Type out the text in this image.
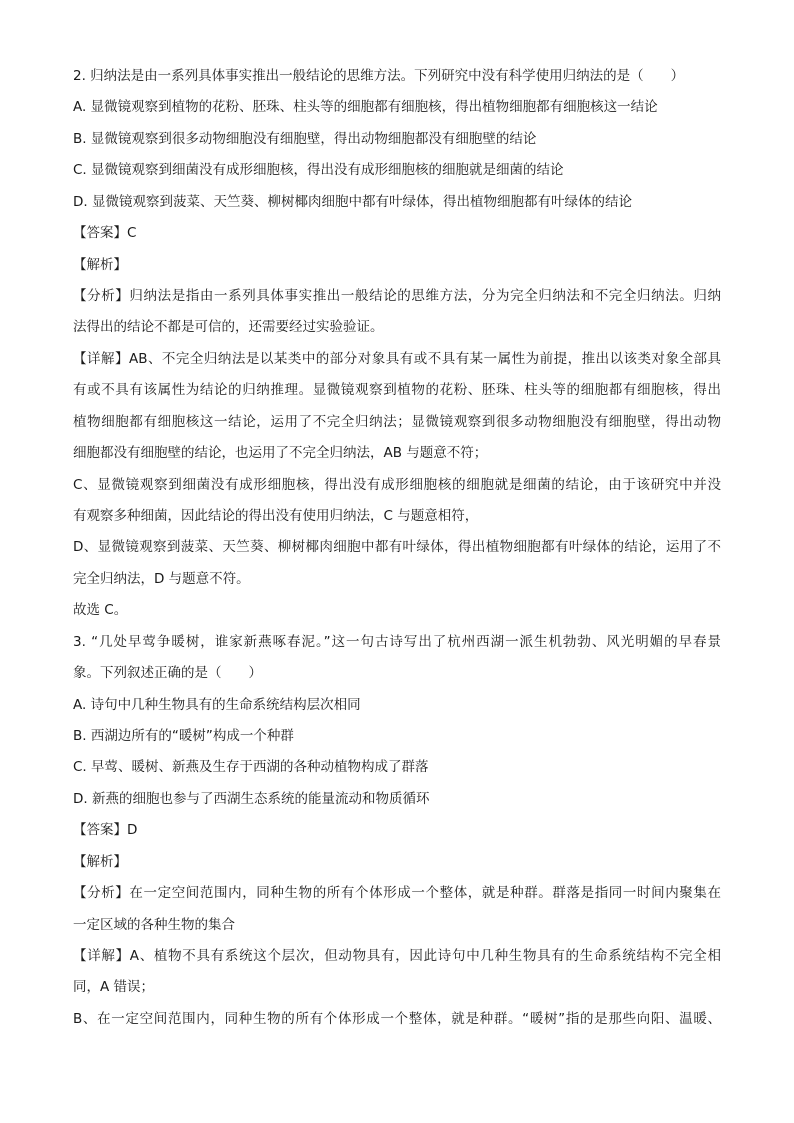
2. 归纳法是由一系列具体事实推出一般结论的思维方法。下列研究中没有科学使用归纳法的是（　　）
A. 显微镜观察到植物的花粉、胚珠、柱头等的细胞都有细胞核，得出植物细胞都有细胞核这一结论
B. 显微镜观察到很多动物细胞没有细胞壁，得出动物细胞都没有细胞壁的结论
C. 显微镜观察到细菌没有成形细胞核，得出没有成形细胞核的细胞就是细菌的结论
D. 显微镜观察到菠菜、天竺葵、柳树椰肉细胞中都有叶绿体，得出植物细胞都有叶绿体的结论
【答案】C
【解析】
【分析】归纳法是指由一系列具体事实推出一般结论的思维方法，分为完全归纳法和不完全归纳法。归纳
法得出的结论不都是可信的，还需要经过实验验证。
【详解】AB、不完全归纳法是以某类中的部分对象具有或不具有某一属性为前提，推出以该类对象全部具
有或不具有该属性为结论的归纳推理。显微镜观察到植物的花粉、胚珠、柱头等的细胞都有细胞核，得出
植物细胞都有细胞核这一结论，运用了不完全归纳法；显微镜观察到很多动物细胞没有细胞壁，得出动物
细胞都没有细胞壁的结论，也运用了不完全归纳法，AB 与题意不符；
C、显微镜观察到细菌没有成形细胞核，得出没有成形细胞核的细胞就是细菌的结论，由于该研究中并没
有观察多种细菌，因此结论的得出没有使用归纳法，C 与题意相符，
D、显微镜观察到菠菜、天竺葵、柳树椰肉细胞中都有叶绿体，得出植物细胞都有叶绿体的结论，运用了不
完全归纳法，D 与题意不符。
故选 C。
3. “几处早莺争暖树，谁家新燕啄春泥。”这一句古诗写出了杭州西湖一派生机勃勃、风光明媚的早春景
象。下列叙述正确的是（　　）
A. 诗句中几种生物具有的生命系统结构层次相同
B. 西湖边所有的“暖树”构成一个种群
C. 早莺、暖树、新燕及生存于西湖的各种动植物构成了群落
D. 新燕的细胞也参与了西湖生态系统的能量流动和物质循环
【答案】D
【解析】
【分析】在一定空间范围内，同种生物的所有个体形成一个整体，就是种群。群落是指同一时间内聚集在
一定区域的各种生物的集合
【详解】A、植物不具有系统这个层次，但动物具有，因此诗句中几种生物具有的生命系统结构不完全相
同，A 错误；
B、在一定空间范围内，同种生物的所有个体形成一个整体，就是种群。“暖树”指的是那些向阳、温暖、
